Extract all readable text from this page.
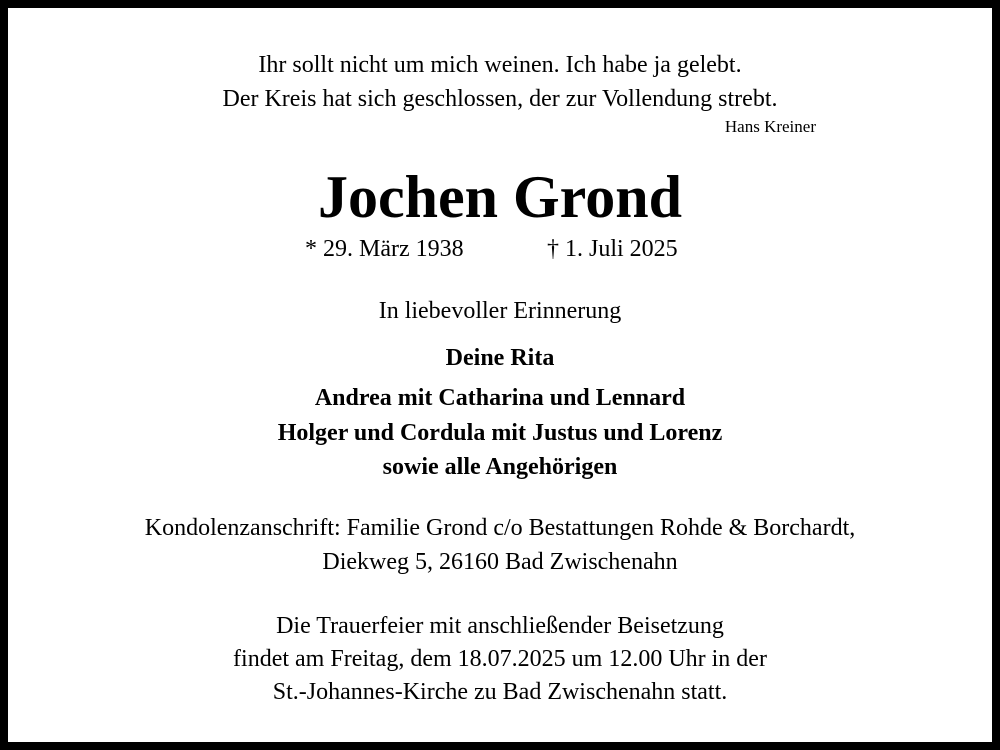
Ihr sollt nicht um mich weinen. Ich habe ja gelebt.
Der Kreis hat sich geschlossen, der zur Vollendung strebt.
Hans Kreiner
Jochen Grond
* 29. März 1938	† 1. Juli 2025
In liebevoller Erinnerung
Deine Rita
Andrea mit Catharina und Lennard
Holger und Cordula mit Justus und Lorenz
sowie alle Angehörigen
Kondolenzanschrift: Familie Grond c/o Bestattungen Rohde & Borchardt,
Diekweg 5, 26160 Bad Zwischenahn
Die Trauerfeier mit anschließender Beisetzung
findet am Freitag, dem 18.07.2025 um 12.00 Uhr in der
St.-Johannes-Kirche zu Bad Zwischenahn statt.
